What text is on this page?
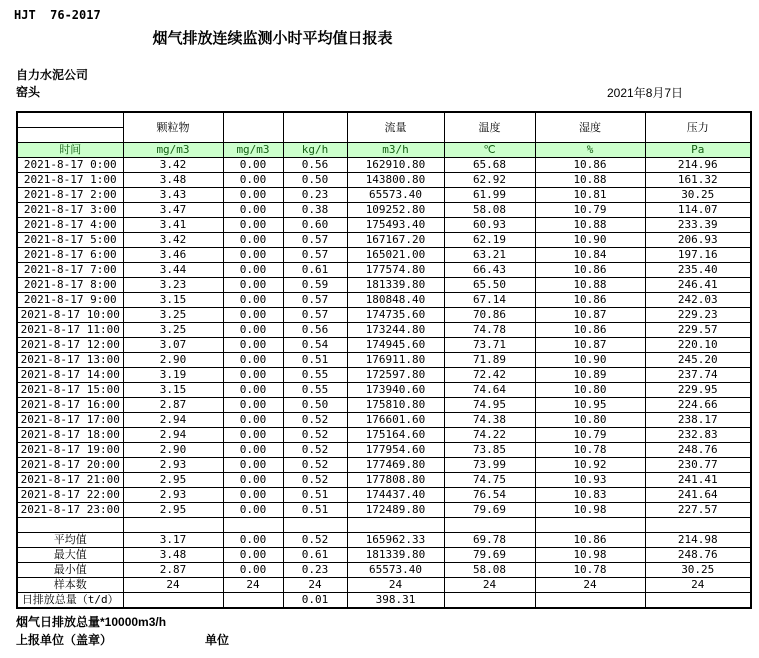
HJT  76-2017
烟气排放连续监测小时平均值日报表
自力水泥公司
窑头	2021年8月7日
	颗粒物			流量	温度	湿度	压力

时间	mg/m3	mg/m3	kg/h	m3/h	℃	%	Pa
2021-8-17 0:00	3.42	0.00	0.56	162910.80	65.68	10.86	214.96
2021-8-17 1:00	3.48	0.00	0.50	143800.80	62.92	10.88	161.32
2021-8-17 2:00	3.43	0.00	0.23	65573.40	61.99	10.81	30.25
2021-8-17 3:00	3.47	0.00	0.38	109252.80	58.08	10.79	114.07
2021-8-17 4:00	3.41	0.00	0.60	175493.40	60.93	10.88	233.39
2021-8-17 5:00	3.42	0.00	0.57	167167.20	62.19	10.90	206.93
2021-8-17 6:00	3.46	0.00	0.57	165021.00	63.21	10.84	197.16
2021-8-17 7:00	3.44	0.00	0.61	177574.80	66.43	10.86	235.40
2021-8-17 8:00	3.23	0.00	0.59	181339.80	65.50	10.88	246.41
2021-8-17 9:00	3.15	0.00	0.57	180848.40	67.14	10.86	242.03
2021-8-17 10:00	3.25	0.00	0.57	174735.60	70.86	10.87	229.23
2021-8-17 11:00	3.25	0.00	0.56	173244.80	74.78	10.86	229.57
2021-8-17 12:00	3.07	0.00	0.54	174945.60	73.71	10.87	220.10
2021-8-17 13:00	2.90	0.00	0.51	176911.80	71.89	10.90	245.20
2021-8-17 14:00	3.19	0.00	0.55	172597.80	72.42	10.89	237.74
2021-8-17 15:00	3.15	0.00	0.55	173940.60	74.64	10.80	229.95
2021-8-17 16:00	2.87	0.00	0.50	175810.80	74.95	10.95	224.66
2021-8-17 17:00	2.94	0.00	0.52	176601.60	74.38	10.80	238.17
2021-8-17 18:00	2.94	0.00	0.52	175164.60	74.22	10.79	232.83
2021-8-17 19:00	2.90	0.00	0.52	177954.60	73.85	10.78	248.76
2021-8-17 20:00	2.93	0.00	0.52	177469.80	73.99	10.92	230.77
2021-8-17 21:00	2.95	0.00	0.52	177808.80	74.75	10.93	241.41
2021-8-17 22:00	2.93	0.00	0.51	174437.40	76.54	10.83	241.64
2021-8-17 23:00	2.95	0.00	0.51	172489.80	79.69	10.98	227.57

平均值	3.17	0.00	0.52	165962.33	69.78	10.86	214.98
最大值	3.48	0.00	0.61	181339.80	79.69	10.98	248.76
最小值	2.87	0.00	0.23	65573.40	58.08	10.78	30.25
样本数	24	24	24	24	24	24	24
日排放总量（t/d）			0.01	398.31			
烟气日排放总量*10000m3/h
上报单位（盖章）	单位
